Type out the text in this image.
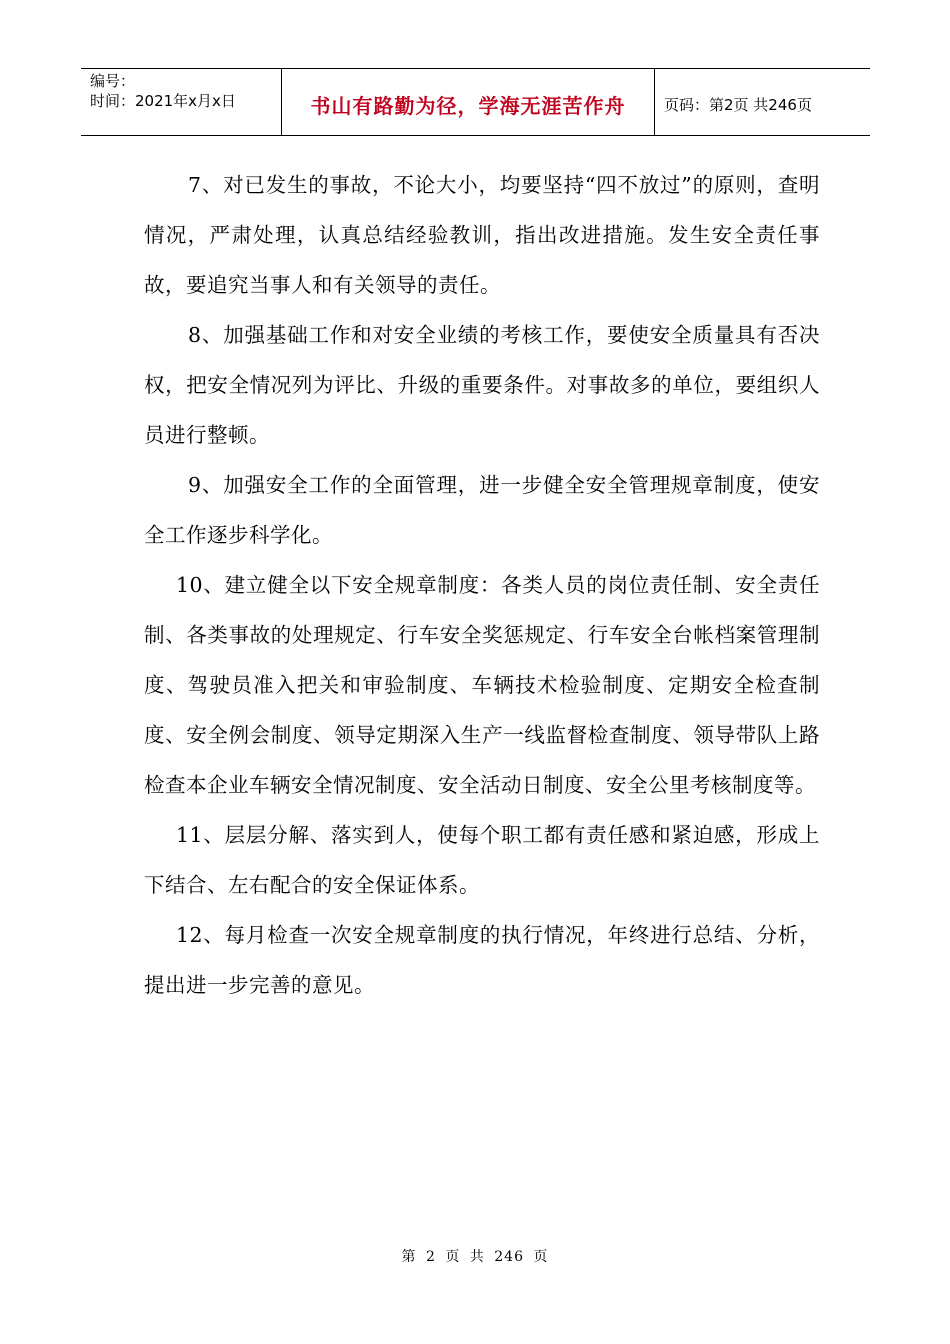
编号：
时间：2021年x月x日	书山有路勤为径，学海无涯苦作舟	页码：第2页 共246页

7、对已发生的事故，不论大小，均要坚持“四不放过”的原则，查明情况，严肃处理，认真总结经验教训，指出改进措施。发生安全责任事故，要追究当事人和有关领导的责任。

8、加强基础工作和对安全业绩的考核工作，要使安全质量具有否决权，把安全情况列为评比、升级的重要条件。对事故多的单位，要组织人员进行整顿。

9、加强安全工作的全面管理，进一步健全安全管理规章制度，使安全工作逐步科学化。

10、建立健全以下安全规章制度：各类人员的岗位责任制、安全责任制、各类事故的处理规定、行车安全奖惩规定、行车安全台帐档案管理制度、驾驶员准入把关和审验制度、车辆技术检验制度、定期安全检查制度、安全例会制度、领导定期深入生产一线监督检查制度、领导带队上路检查本企业车辆安全情况制度、安全活动日制度、安全公里考核制度等。

11、层层分解、落实到人，使每个职工都有责任感和紧迫感，形成上下结合、左右配合的安全保证体系。

12、每月检查一次安全规章制度的执行情况，年终进行总结、分析，提出进一步完善的意见。

第 2 页 共 246 页
